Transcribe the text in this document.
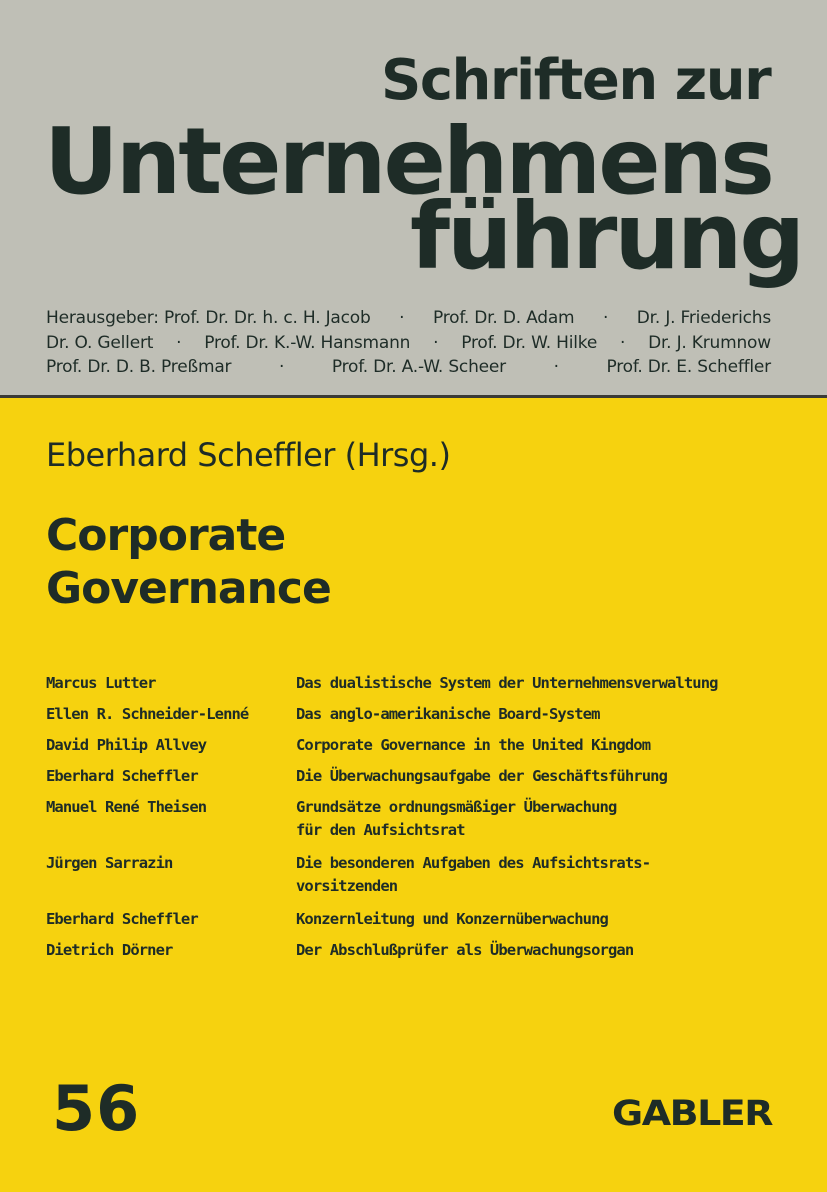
Schriften zur
Unternehmens
führung
Herausgeber: Prof. Dr. Dr. h. c. H. Jacob · Prof. Dr. D. Adam · Dr. J. Friederichs
Dr. O. Gellert · Prof. Dr. K.-W. Hansmann · Prof. Dr. W. Hilke · Dr. J. Krumnow
Prof. Dr. D. B. Preßmar	·	Prof. Dr. A.-W. Scheer	·	Prof. Dr. E. Scheffler
Eberhard Scheffler (Hrsg.)
Corporate
Governance
Marcus Lutter	Das dualistische System der Unternehmensverwaltung
Ellen R. Schneider-Lenné	Das anglo-amerikanische Board-System
David Philip Allvey	Corporate Governance in the United Kingdom
Eberhard Scheffler	Die Überwachungsaufgabe der Geschäftsführung
Manuel René Theisen	Grundsätze ordnungsmäßiger Überwachung
für den Aufsichtsrat
Jürgen Sarrazin	Die besonderen Aufgaben des Aufsichtsrats-
vorsitzenden
Eberhard Scheffler	Konzernleitung und Konzernüberwachung
Dietrich Dörner	Der Abschlußprüfer als Überwachungsorgan
56	GABLER
